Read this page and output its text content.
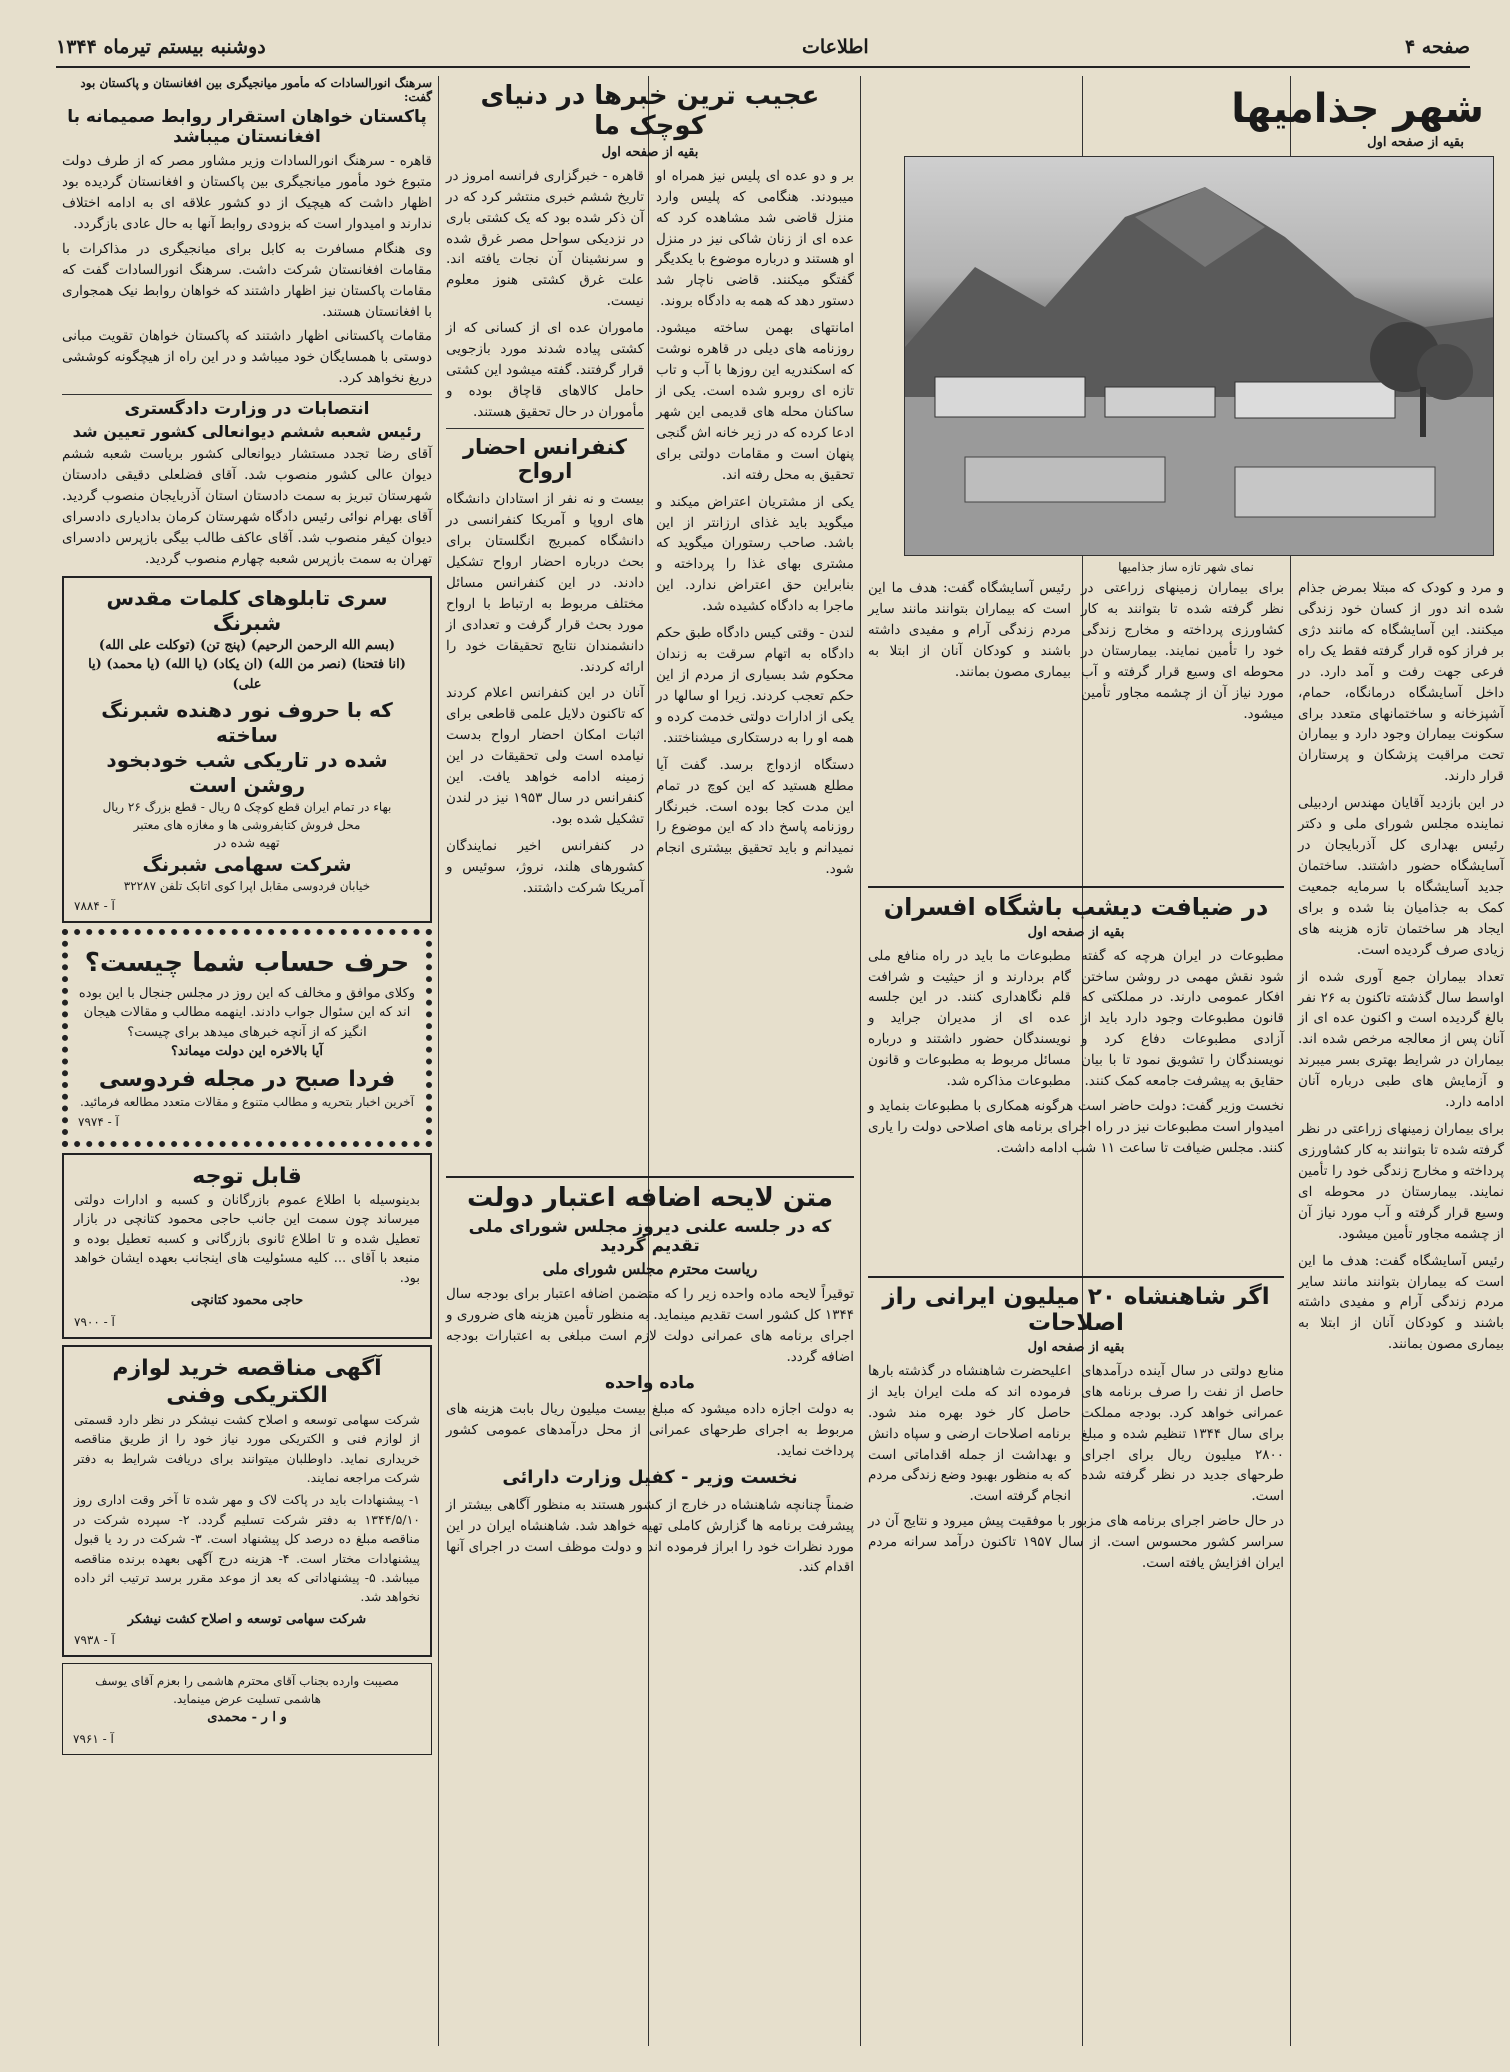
صفحه ۴
اطلاعات
دوشنبه بیستم تیرماه ۱۳۴۴
شهر جذامیها
بقیه از صفحه اول
نمای شهر تازه ساز جذامیها

و مرد و کودک که مبتلا بمرض جذام شده اند دور از کسان خود زندگی میکنند. این آسایشگاه که مانند دژی بر فراز کوه قرار گرفته فقط یک راه فرعی جهت رفت و آمد دارد. در داخل آسایشگاه درمانگاه، حمام، آشپزخانه و ساختمانهای متعدد برای سکونت بیماران وجود دارد و بیماران تحت مراقبت پزشکان و پرستاران قرار دارند.

در این بازدید آقایان مهندس اردبیلی نماینده مجلس شورای ملی و دکتر رئیس بهداری کل آذربایجان در آسایشگاه حضور داشتند. ساختمان جدید آسایشگاه با سرمایه جمعیت کمک به جذامیان بنا شده و برای ایجاد هر ساختمان تازه هزینه های زیادی صرف گردیده است.

تعداد بیماران جمع آوری شده از اواسط سال گذشته تاکنون به ۲۶ نفر بالغ گردیده است و اکنون عده ای از آنان پس از معالجه مرخص شده اند. بیماران در شرایط بهتری بسر میبرند و آزمایش های طبی درباره آنان ادامه دارد.

برای بیماران زمینهای زراعتی در نظر گرفته شده تا بتوانند به کار کشاورزی پرداخته و مخارج زندگی خود را تأمین نمایند. بیمارستان در محوطه ای وسیع قرار گرفته و آب مورد نیاز آن از چشمه مجاور تأمین میشود.

رئیس آسایشگاه گفت: هدف ما این است که بیماران بتوانند مانند سایر مردم زندگی آرام و مفیدی داشته باشند و کودکان آنان از ابتلا به بیماری مصون بمانند.

برای بیماران زمینهای زراعتی در نظر گرفته شده تا بتوانند به کار کشاورزی پرداخته و مخارج زندگی خود را تأمین نمایند. بیمارستان در محوطه ای وسیع قرار گرفته و آب مورد نیاز آن از چشمه مجاور تأمین میشود.

رئیس آسایشگاه گفت: هدف ما این است که بیماران بتوانند مانند سایر مردم زندگی آرام و مفیدی داشته باشند و کودکان آنان از ابتلا به بیماری مصون بمانند.

در ضیافت دیشب باشگاه افسران
بقیه از صفحه اول

مطبوعات در ایران هرچه که گفته شود نقش مهمی در روشن ساختن افکار عمومی دارند. در مملکتی که قانون مطبوعات وجود دارد باید از آزادی مطبوعات دفاع کرد و نویسندگان را تشویق نمود تا با بیان حقایق به پیشرفت جامعه کمک کنند.

مطبوعات ما باید در راه منافع ملی گام بردارند و از حیثیت و شرافت قلم نگاهداری کنند. در این جلسه عده ای از مدیران جراید و نویسندگان حضور داشتند و درباره مسائل مربوط به مطبوعات و قانون مطبوعات مذاکره شد.

نخست وزیر گفت: دولت حاضر است هرگونه همکاری با مطبوعات بنماید و امیدوار است مطبوعات نیز در راه اجرای برنامه های اصلاحی دولت را یاری کنند. مجلس ضیافت تا ساعت ۱۱ شب ادامه داشت.

اگر شاهنشاه ۲۰ میلیون ایرانی راز اصلاحات
بقیه از صفحه اول

منابع دولتی در سال آینده درآمدهای حاصل از نفت را صرف برنامه های عمرانی خواهد کرد. بودجه مملکت برای سال ۱۳۴۴ تنظیم شده و مبلغ ۲۸۰۰ میلیون ریال برای اجرای طرحهای جدید در نظر گرفته شده است.

اعلیحضرت شاهنشاه در گذشته بارها فرموده اند که ملت ایران باید از حاصل کار خود بهره مند شود. برنامه اصلاحات ارضی و سپاه دانش و بهداشت از جمله اقداماتی است که به منظور بهبود وضع زندگی مردم انجام گرفته است.

در حال حاضر اجرای برنامه های مزبور با موفقیت پیش میرود و نتایج آن در سراسر کشور محسوس است. از سال ۱۹۵۷ تاکنون درآمد سرانه مردم ایران افزایش یافته است.

عجیب ترین خبرها در دنیای کوچک ما
بقیه از صفحه اول

بر و دو عده ای پلیس نیز همراه او میبودند. هنگامی که پلیس وارد منزل قاضی شد مشاهده کرد که عده ای از زنان شاکی نیز در منزل او هستند و درباره موضوع با یکدیگر گفتگو میکنند. قاضی ناچار شد دستور دهد که همه به دادگاه بروند.

امانتهای بهمن ساخته میشود. روزنامه های دیلی در قاهره نوشت که اسکندریه این روزها با آب و تاب تازه ای روبرو شده است. یکی از ساکنان محله های قدیمی این شهر ادعا کرده که در زیر خانه اش گنجی پنهان است و مقامات دولتی برای تحقیق به محل رفته اند.

یکی از مشتریان اعتراض میکند و میگوید باید غذای ارزانتر از این باشد. صاحب رستوران میگوید که مشتری بهای غذا را پرداخته و بنابراین حق اعتراض ندارد. این ماجرا به دادگاه کشیده شد.

لندن - وقتی کیس دادگاه طبق حکم دادگاه به اتهام سرقت به زندان محکوم شد بسیاری از مردم از این حکم تعجب کردند. زیرا او سالها در یکی از ادارات دولتی خدمت کرده و همه او را به درستکاری میشناختند.

دستگاه ازدواج برسد. گفت آیا مطلع هستید که این کوچ در تمام این مدت کجا بوده است. خبرنگار روزنامه پاسخ داد که این موضوع را نمیدانم و باید تحقیق بیشتری انجام شود.

قاهره - خبرگزاری فرانسه امروز در تاریخ ششم خبری منتشر کرد که در آن ذکر شده بود که یک کشتی باری در نزدیکی سواحل مصر غرق شده و سرنشینان آن نجات یافته اند. علت غرق کشتی هنوز معلوم نیست.

ماموران عده ای از کسانی که از کشتی پیاده شدند مورد بازجویی قرار گرفتند. گفته میشود این کشتی حامل کالاهای قاچاق بوده و مأموران در حال تحقیق هستند.

کنفرانس احضار ارواح

بیست و نه نفر از استادان دانشگاه های اروپا و آمریکا کنفرانسی در دانشگاه کمبریج انگلستان برای بحث درباره احضار ارواح تشکیل دادند. در این کنفرانس مسائل مختلف مربوط به ارتباط با ارواح مورد بحث قرار گرفت و تعدادی از دانشمندان نتایج تحقیقات خود را ارائه کردند.

آنان در این کنفرانس اعلام کردند که تاکنون دلایل علمی قاطعی برای اثبات امکان احضار ارواح بدست نیامده است ولی تحقیقات در این زمینه ادامه خواهد یافت. این کنفرانس در سال ۱۹۵۳ نیز در لندن تشکیل شده بود.

در کنفرانس اخیر نمایندگان کشورهای هلند، نروژ، سوئیس و آمریکا شرکت داشتند.

متن لایحه اضافه اعتبار دولت
که در جلسه علنی دیروز مجلس شورای ملی تقدیم گردید
ریاست محترم مجلس شورای ملی

توقیراً لایحه ماده واحده زیر را که متضمن اضافه اعتبار برای بودجه سال ۱۳۴۴ کل کشور است تقدیم مینماید. به منظور تأمین هزینه های ضروری و اجرای برنامه های عمرانی دولت لازم است مبلغی به اعتبارات بودجه اضافه گردد.

ماده واحده

به دولت اجازه داده میشود که مبلغ بیست میلیون ریال بابت هزینه های مربوط به اجرای طرحهای عمرانی از محل درآمدهای عمومی کشور پرداخت نماید.

نخست وزیر - کفیل وزارت دارائی

ضمناً چنانچه شاهنشاه در خارج از کشور هستند به منظور آگاهی بیشتر از پیشرفت برنامه ها گزارش کاملی تهیه خواهد شد. شاهنشاه ایران در این مورد نظرات خود را ابراز فرموده اند و دولت موظف است در اجرای آنها اقدام کند.

سرهنگ انورالسادات که مأمور میانجیگری بین افغانستان و پاکستان بود گفت:
پاکستان خواهان استقرار روابط صمیمانه با افغانستان میباشد

قاهره - سرهنگ انورالسادات وزیر مشاور مصر که از طرف دولت متبوع خود مأمور میانجیگری بین پاکستان و افغانستان گردیده بود اظهار داشت که هیچیک از دو کشور علاقه ای به ادامه اختلاف ندارند و امیدوار است که بزودی روابط آنها به حال عادی بازگردد.

وی هنگام مسافرت به کابل برای میانجیگری در مذاکرات با مقامات افغانستان شرکت داشت. سرهنگ انورالسادات گفت که مقامات پاکستان نیز اظهار داشتند که خواهان روابط نیک همجواری با افغانستان هستند.

مقامات پاکستانی اظهار داشتند که پاکستان خواهان تقویت مبانی دوستی با همسایگان خود میباشد و در این راه از هیچگونه کوششی دریغ نخواهد کرد.

انتصابات در وزارت دادگستری
رئیس شعبه ششم دیوانعالی کشور تعیین شد

آقای رضا تجدد مستشار دیوانعالی کشور بریاست شعبه ششم دیوان عالی کشور منصوب شد. آقای فضلعلی دقیقی دادستان شهرستان تبریز به سمت دادستان استان آذربایجان منصوب گردید. آقای بهرام نوائی رئیس دادگاه شهرستان کرمان بدادیاری دادسرای دیوان کیفر منصوب شد. آقای عاکف طالب بیگی بازپرس دادسرای تهران به سمت بازپرس شعبه چهارم منصوب گردید.

سری تابلوهای کلمات مقدس شبرنگ
(بسم الله الرحمن الرحیم) (پنج تن) (توکلت علی الله)
(انا فتحنا) (نصر من الله) (ان یکاد) (یا الله) (یا محمد) (یا علی)
که با حروف نور دهنده شبرنگ ساخته
شده در تاریکی شب خودبخود روشن است
بهاء در تمام ایران قطع کوچک ۵ ریال - قطع بزرگ ۲۶ ریال
محل فروش کتابفروشی ها و مغازه های معتبر
تهیه شده در
شرکت سهامی شبرنگ
خیابان فردوسی مقابل اپرا کوی اتابک تلفن ۳۲۲۸۷
آ - ۷۸۸۴
حرف حساب شما چیست؟

وکلای موافق و مخالف که این روز در مجلس جنجال با این بوده اند که این سئوال جواب دادند. اینهمه مطالب و مقالات هیجان انگیز که از آنچه خبرهای میدهد برای چیست؟

آیا بالاخره این دولت میماند؟
فردا صبح در مجله فردوسی
آخرین اخبار بتحریه و مطالب متنوع و مقالات متعدد مطالعه فرمائید.
آ - ۷۹۷۴
قابل توجه

بدینوسیله با اطلاع عموم بازرگانان و کسبه و ادارات دولتی میرساند چون سمت این جانب حاجی محمود کتانچی در بازار تعطیل شده و تا اطلاع ثانوی بازرگانی و کسبه تعطیل بوده و منبعد با آقای ... کلیه مسئولیت های اینجانب بعهده ایشان خواهد بود.

حاجی محمود کتانچی
آ - ۷۹۰۰
آگهی مناقصه خرید لوازم الکتریکی وفنی

شرکت سهامی توسعه و اصلاح کشت نیشکر در نظر دارد قسمتی از لوازم فنی و الکتریکی مورد نیاز خود را از طریق مناقصه خریداری نماید. داوطلبان میتوانند برای دریافت شرایط به دفتر شرکت مراجعه نمایند.

۱- پیشنهادات باید در پاکت لاک و مهر شده تا آخر وقت اداری روز ۱۳۴۴/۵/۱۰ به دفتر شرکت تسلیم گردد. ۲- سپرده شرکت در مناقصه مبلغ ده درصد کل پیشنهاد است. ۳- شرکت در رد یا قبول پیشنهادات مختار است. ۴- هزینه درج آگهی بعهده برنده مناقصه میباشد. ۵- پیشنهاداتی که بعد از موعد مقرر برسد ترتیب اثر داده نخواهد شد.

شرکت سهامی توسعه و اصلاح کشت نیشکر
آ - ۷۹۳۸
مصیبت وارده بجناب آقای محترم هاشمی را بعزم آقای یوسف
هاشمی تسلیت عرض مینماید.
و ا ر - محمدی
آ - ۷۹۶۱
